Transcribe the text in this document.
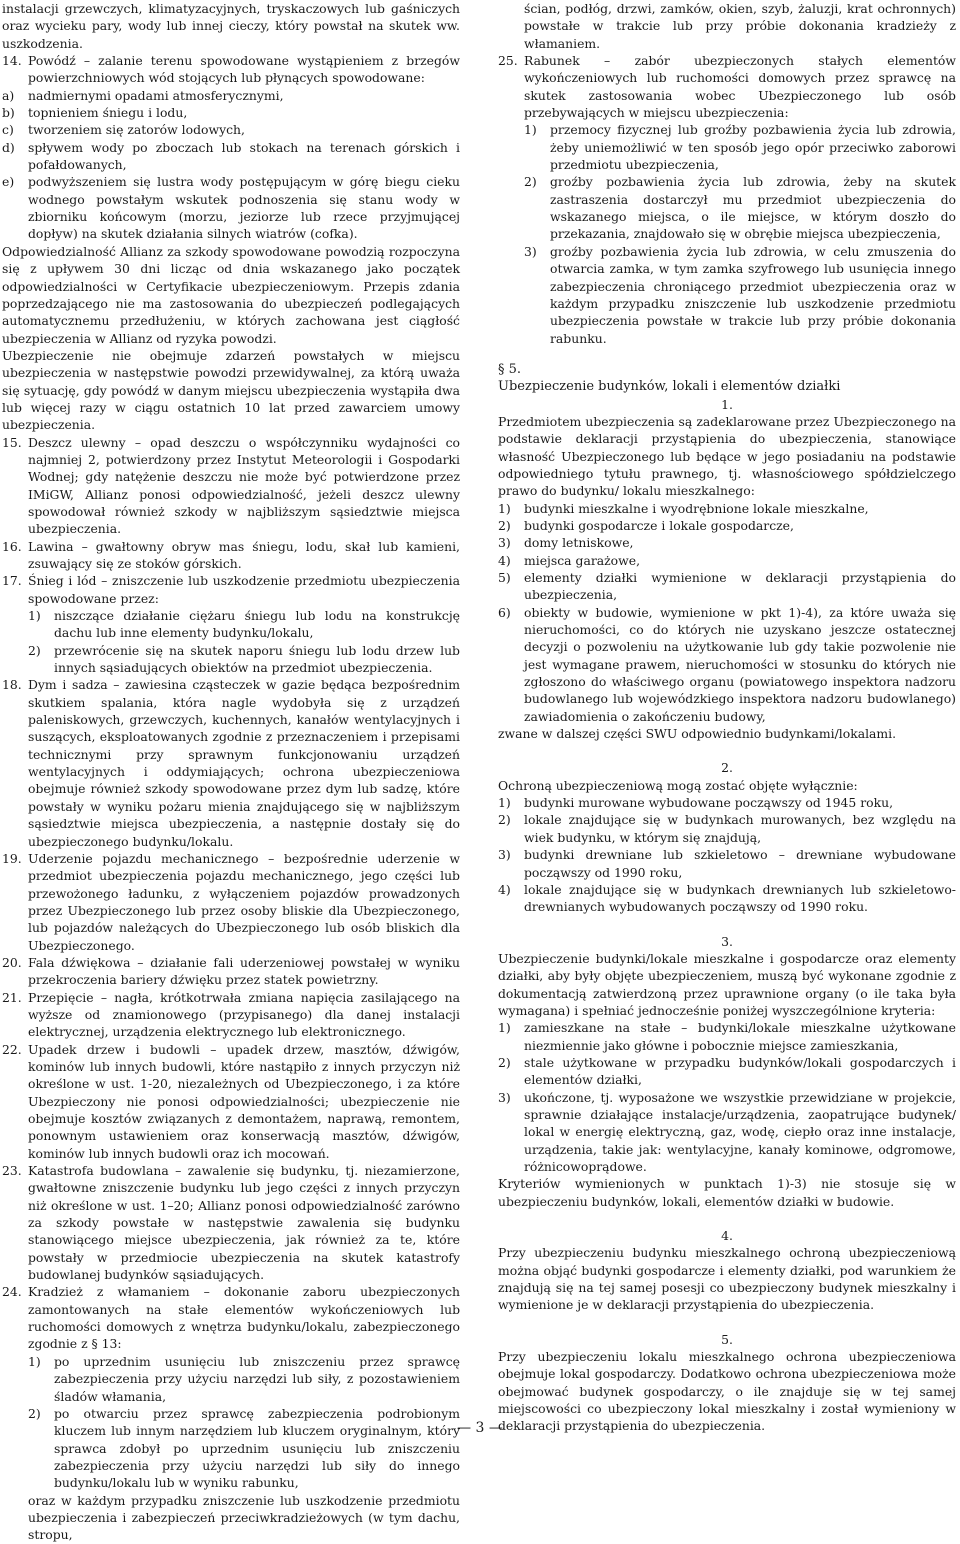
instalacji grzewczych, klimatyzacyjnych, tryskaczowych lub gaśniczych oraz wycieku pary, wody lub innej cieczy, który powstał na skutek ww. uszkodzenia.

14. Powódź – zalanie terenu spowodowane wystąpieniem z brzegów powierzchniowych wód stojących lub płynących spowodowane:
a)	nadmiernymi opadami atmosferycznymi,
b)	topnieniem śniegu i lodu,
c)	tworzeniem się zatorów lodowych,
d)	spływem wody po zboczach lub stokach na terenach górskich i pofałdowanych,
e)	podwyższeniem się lustra wody postępującym w górę biegu cieku wodnego powstałym wskutek podnoszenia się stanu wody w zbiorniku końcowym (morzu, jeziorze lub rzece przyjmującej dopływ) na skutek działania silnych wiatrów (cofka).

Odpowiedzialność Allianz za szkody spowodowane powodzią rozpoczyna się z upływem 30 dni licząc od dnia wskazanego jako początek odpowiedzialności w Certyfikacie ubezpieczeniowym. Przepis zdania poprzedzającego nie ma zastosowania do ubezpieczeń podlegających automatycznemu przedłużeniu, w których zachowana jest ciągłość ubezpieczenia w Allianz od ryzyka powodzi.

Ubezpieczenie nie obejmuje zdarzeń powstałych w miejscu ubezpieczenia w następstwie powodzi przewidywalnej, za którą uważa się sytuację, gdy powódź w danym miejscu ubezpieczenia wystąpiła dwa lub więcej razy w ciągu ostatnich 10 lat przed zawarciem umowy ubezpieczenia.

15. Deszcz ulewny – opad deszczu o współczynniku wydajności co najmniej 2, potwierdzony przez Instytut Meteorologii i Gospodarki Wodnej; gdy natężenie deszczu nie może być potwierdzone przez IMiGW, Allianz ponosi odpowiedzialność, jeżeli deszcz ulewny spowodował również szkody w najbliższym sąsiedztwie miejsca ubezpieczenia.
16. Lawina – gwałtowny obryw mas śniegu, lodu, skał lub kamieni, zsuwający się ze stoków górskich.
17. Śnieg i lód – zniszczenie lub uszkodzenie przedmiotu ubezpieczenia spowodowane przez:
1)	niszczące działanie ciężaru śniegu lub lodu na konstrukcję dachu lub inne elementy budynku/lokalu,
2)	przewrócenie się na skutek naporu śniegu lub lodu drzew lub innych sąsiadujących obiektów na przedmiot ubezpieczenia.
18. Dym i sadza – zawiesina cząsteczek w gazie będąca bezpośrednim skutkiem spalania, która nagle wydobyła się z urządzeń paleniskowych, grzewczych, kuchennych, kanałów wentylacyjnych i suszących, eksploatowanych zgodnie z przeznaczeniem i przepisami technicznymi przy sprawnym funkcjonowaniu urządzeń wentylacyjnych i oddymiających; ochrona ubezpieczeniowa obejmuje również szkody spowodowane przez dym lub sadzę, które powstały w wyniku pożaru mienia znajdującego się w najbliższym sąsiedztwie miejsca ubezpieczenia, a następnie dostały się do ubezpieczonego budynku/lokalu.
19. Uderzenie pojazdu mechanicznego – bezpośrednie uderzenie w przedmiot ubezpieczenia pojazdu mechanicznego, jego części lub przewożonego ładunku, z wyłączeniem pojazdów prowadzonych przez Ubezpieczonego lub przez osoby bliskie dla Ubezpieczonego, lub pojazdów należących do Ubezpieczonego lub osób bliskich dla Ubezpieczonego.
20. Fala dźwiękowa – działanie fali uderzeniowej powstałej w wyniku przekroczenia bariery dźwięku przez statek powietrzny.
21. Przepięcie – nagła, krótkotrwała zmiana napięcia zasilającego na wyższe od znamionowego (przypisanego) dla danej instalacji elektrycznej, urządzenia elektrycznego lub elektronicznego.
22. Upadek drzew i budowli – upadek drzew, masztów, dźwigów, kominów lub innych budowli, które nastąpiło z innych przyczyn niż określone w ust. 1-20, niezależnych od Ubezpieczonego, i za które Ubezpieczony nie ponosi odpowiedzialności; ubezpieczenie nie obejmuje kosztów związanych z demontażem, naprawą, remontem, ponownym ustawieniem oraz konserwacją masztów, dźwigów, kominów lub innych budowli oraz ich mocowań.
23. Katastrofa budowlana – zawalenie się budynku, tj. niezamierzone, gwałtowne zniszczenie budynku lub jego części z innych przyczyn niż określone w ust. 1–20; Allianz ponosi odpowiedzialność zarówno za szkody powstałe w następstwie zawalenia się budynku stanowiącego miejsce ubezpieczenia, jak również za te, które powstały w przedmiocie ubezpieczenia na skutek katastrofy budowlanej budynków sąsiadujących.
24. Kradzież z włamaniem – dokonanie zaboru ubezpieczonych zamontowanych na stałe elementów wykończeniowych lub ruchomości domowych z wnętrza budynku/lokalu, zabezpieczonego zgodnie z § 13:
1)	po uprzednim usunięciu lub zniszczeniu przez sprawcę zabezpieczenia przy użyciu narzędzi lub siły, z pozostawieniem śladów włamania,
2)	po otwarciu przez sprawcę zabezpieczenia podrobionym kluczem lub innym narzędziem lub kluczem oryginalnym, który sprawca zdobył po uprzednim usunięciu lub zniszczeniu zabezpieczenia przy użyciu narzędzi lub siły do innego budynku/lokalu lub w wyniku rabunku,

oraz w każdym przypadku zniszczenie lub uszkodzenie przedmiotu ubezpieczenia i zabezpieczeń przeciwkradzieżowych (w tym dachu, stropu,

ścian, podłóg, drzwi, zamków, okien, szyb, żaluzji, krat ochronnych) powstałe w trakcie lub przy próbie dokonania kradzieży z włamaniem.

25. Rabunek – zabór ubezpieczonych stałych elementów wykończeniowych lub ruchomości domowych przez sprawcę na skutek zastosowania wobec Ubezpieczonego lub osób przebywających w miejscu ubezpieczenia:
1)	przemocy fizycznej lub groźby pozbawienia życia lub zdrowia, żeby uniemożliwić w ten sposób jego opór przeciwko zaborowi przedmiotu ubezpieczenia,
2)	groźby pozbawienia życia lub zdrowia, żeby na skutek zastraszenia dostarczył mu przedmiot ubezpieczenia do wskazanego miejsca, o ile miejsce, w którym doszło do przekazania, znajdowało się w obrębie miejsca ubezpieczenia,
3)	groźby pozbawienia życia lub zdrowia, w celu zmuszenia do otwarcia zamka, w tym zamka szyfrowego lub usunięcia innego zabezpieczenia chroniącego przedmiot ubezpieczenia oraz w każdym przypadku zniszczenie lub uszkodzenie przedmiotu ubezpieczenia powstałe w trakcie lub przy próbie dokonania rabunku.
§ 5.
Ubezpieczenie budynków, lokali i elementów działki
1.

Przedmiotem ubezpieczenia są zadeklarowane przez Ubezpieczonego na podstawie deklaracji przystąpienia do ubezpieczenia, stanowiące własność Ubezpieczonego lub będące w jego posiadaniu na podstawie odpowiedniego tytułu prawnego, tj. własnościowego spółdzielczego prawo do budynku/ lokalu mieszkalnego:

1)	budynki mieszkalne i wyodrębnione lokale mieszkalne,
2)	budynki gospodarcze i lokale gospodarcze,
3)	domy letniskowe,
4)	miejsca garażowe,
5)	elementy działki wymienione w deklaracji przystąpienia do ubezpieczenia,
6)	obiekty w budowie, wymienione w pkt 1)-4), za które uważa się nieruchomości, co do których nie uzyskano jeszcze ostatecznej decyzji o pozwoleniu na użytkowanie lub gdy takie pozwolenie nie jest wymagane prawem, nieruchomości w stosunku do których nie zgłoszono do właściwego organu (powiatowego inspektora nadzoru budowlanego lub wojewódzkiego inspektora nadzoru budowlanego) zawiadomienia o zakończeniu budowy,

zwane w dalszej części SWU odpowiednio budynkami/lokalami.

2.

Ochroną ubezpieczeniową mogą zostać objęte wyłącznie:

1)	budynki murowane wybudowane począwszy od 1945 roku,
2)	lokale znajdujące się w budynkach murowanych, bez względu na wiek budynku, w którym się znajdują,
3)	budynki drewniane lub szkieletowo – drewniane wybudowane począwszy od 1990 roku,
4)	lokale znajdujące się w budynkach drewnianych lub szkieletowo-drewnianych wybudowanych począwszy od 1990 roku.
3.

Ubezpieczenie budynki/lokale mieszkalne i gospodarcze oraz elementy działki, aby były objęte ubezpieczeniem, muszą być wykonane zgodnie z dokumentacją zatwierdzoną przez uprawnione organy (o ile taka była wymagana) i spełniać jednocześnie poniżej wyszczególnione kryteria:

1)	zamieszkane na stałe – budynki/lokale mieszkalne użytkowane niezmiennie jako główne i pobocznie miejsce zamieszkania,
2)	stale użytkowane w przypadku budynków/lokali gospodarczych i elementów działki,
3)	ukończone, tj. wyposażone we wszystkie przewidziane w projekcie, sprawnie działające instalacje/urządzenia, zaopatrujące budynek/ lokal w energię elektryczną, gaz, wodę, ciepło oraz inne instalacje, urządzenia, takie jak: wentylacyjne, kanały kominowe, odgromowe, różnicowoprądowe.

Kryteriów wymienionych w punktach 1)-3) nie stosuje się w ubezpieczeniu budynków, lokali, elementów działki w budowie.

4.

Przy ubezpieczeniu budynku mieszkalnego ochroną ubezpieczeniową można objąć budynki gospodarcze i elementy działki, pod warunkiem że znajdują się na tej samej posesji co ubezpieczony budynek mieszkalny i wymienione je w deklaracji przystąpienia do ubezpieczenia.

5.

Przy ubezpieczeniu lokalu mieszkalnego ochrona ubezpieczeniowa obejmuje lokal gospodarczy. Dodatkowo ochrona ubezpieczeniowa może obejmować budynek gospodarczy, o ile znajduje się w tej samej miejscowości co ubezpieczony lokal mieszkalny i został wymieniony w deklaracji przystąpienia do ubezpieczenia.

— 3 —
